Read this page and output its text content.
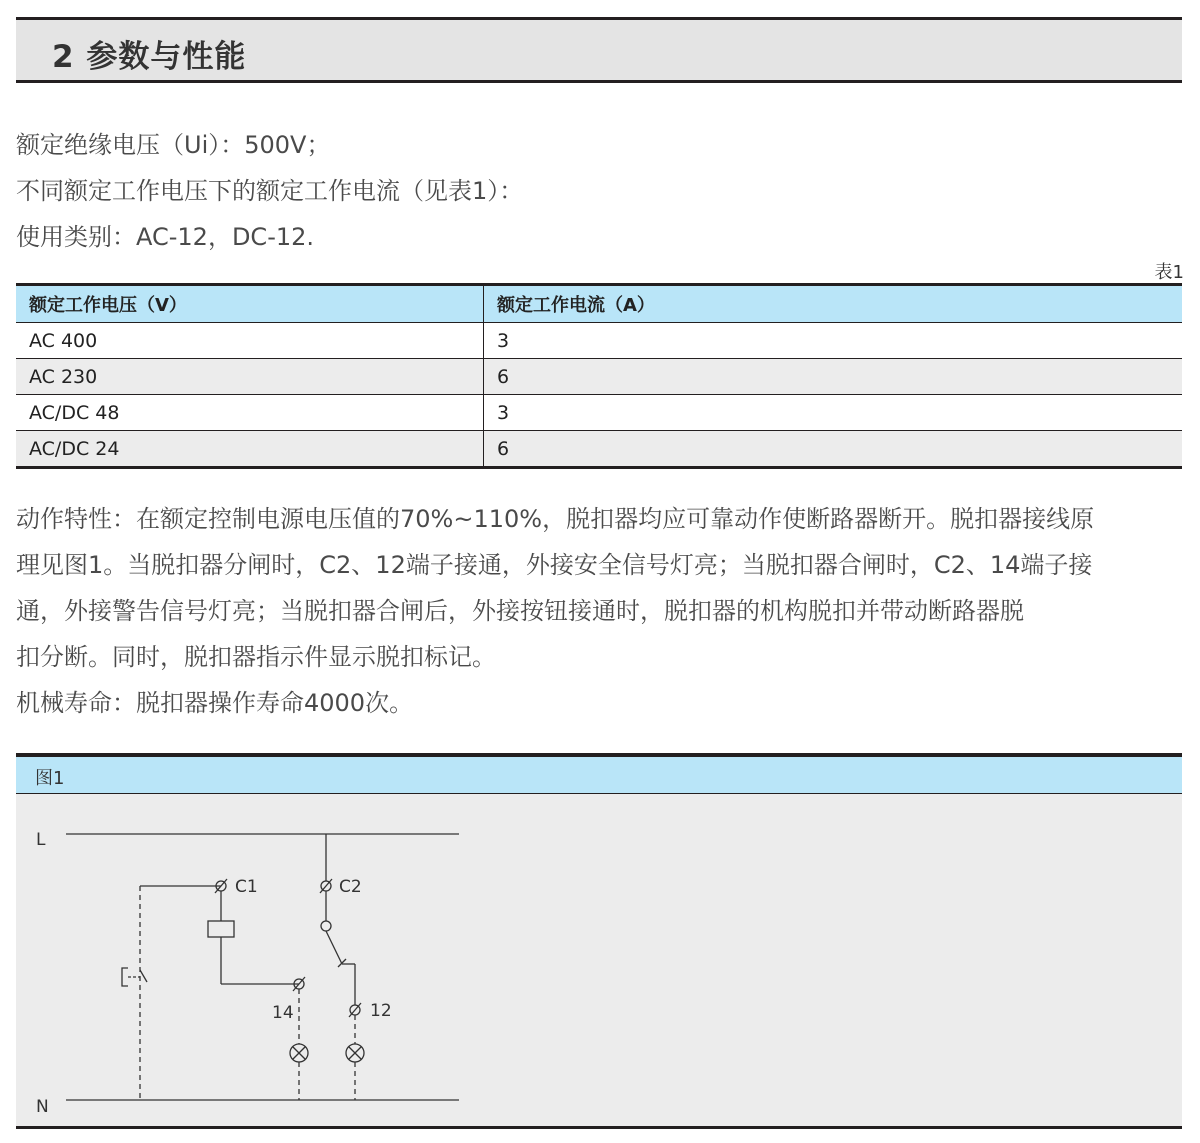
2 参数与性能

额定绝缘电压（Ui）：500V；

不同额定工作电压下的额定工作电流（见表1）：

使用类别：AC-12，DC-12.

表1
额定工作电压（V）	额定工作电流（A）
AC 400	3
AC 230	6
AC/DC 48	3
AC/DC 24	6

动作特性：在额定控制电源电压值的70%~110%，脱扣器均应可靠动作使断路器断开。脱扣器接线原

理见图1。当脱扣器分闸时，C2、12端子接通，外接安全信号灯亮；当脱扣器合闸时，C2、14端子接

通，外接警告信号灯亮；当脱扣器合闸后，外接按钮接通时，脱扣器的机构脱扣并带动断路器脱

扣分断。同时，脱扣器指示件显示脱扣标记。

机械寿命：脱扣器操作寿命4000次。

图1
L
N
C1	C2
14	12
